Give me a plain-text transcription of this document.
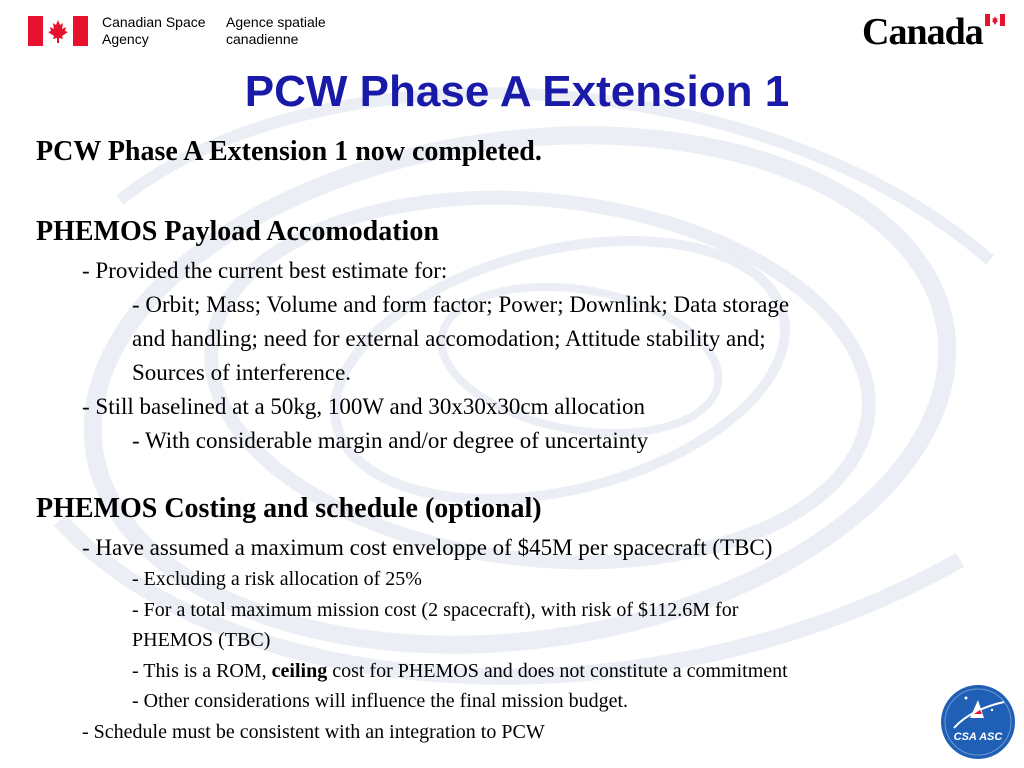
Canadian Space
Agency
Agence spatiale
canadienne	Canada
PCW Phase A Extension 1
PCW Phase A Extension 1 now completed.
PHEMOS Payload Accomodation
- Provided the current best estimate for:
- Orbit; Mass; Volume and form factor; Power; Downlink; Data storage
and handling; need for external accomodation; Attitude stability and;
Sources of interference.
- Still baselined at a 50kg, 100W and 30x30x30cm allocation
- With considerable margin and/or degree of uncertainty
PHEMOS Costing and schedule (optional)
- Have assumed a maximum cost enveloppe of $45M per spacecraft (TBC)
- Excluding a risk allocation of 25%
- For a total maximum mission cost (2 spacecraft), with risk of $112.6M for
PHEMOS (TBC)
- This is a ROM, ceiling cost for PHEMOS and does not constitute a commitment
- Other considerations will influence the final mission budget.
- Schedule must be consistent with an integration to PCW	CSA ASC
